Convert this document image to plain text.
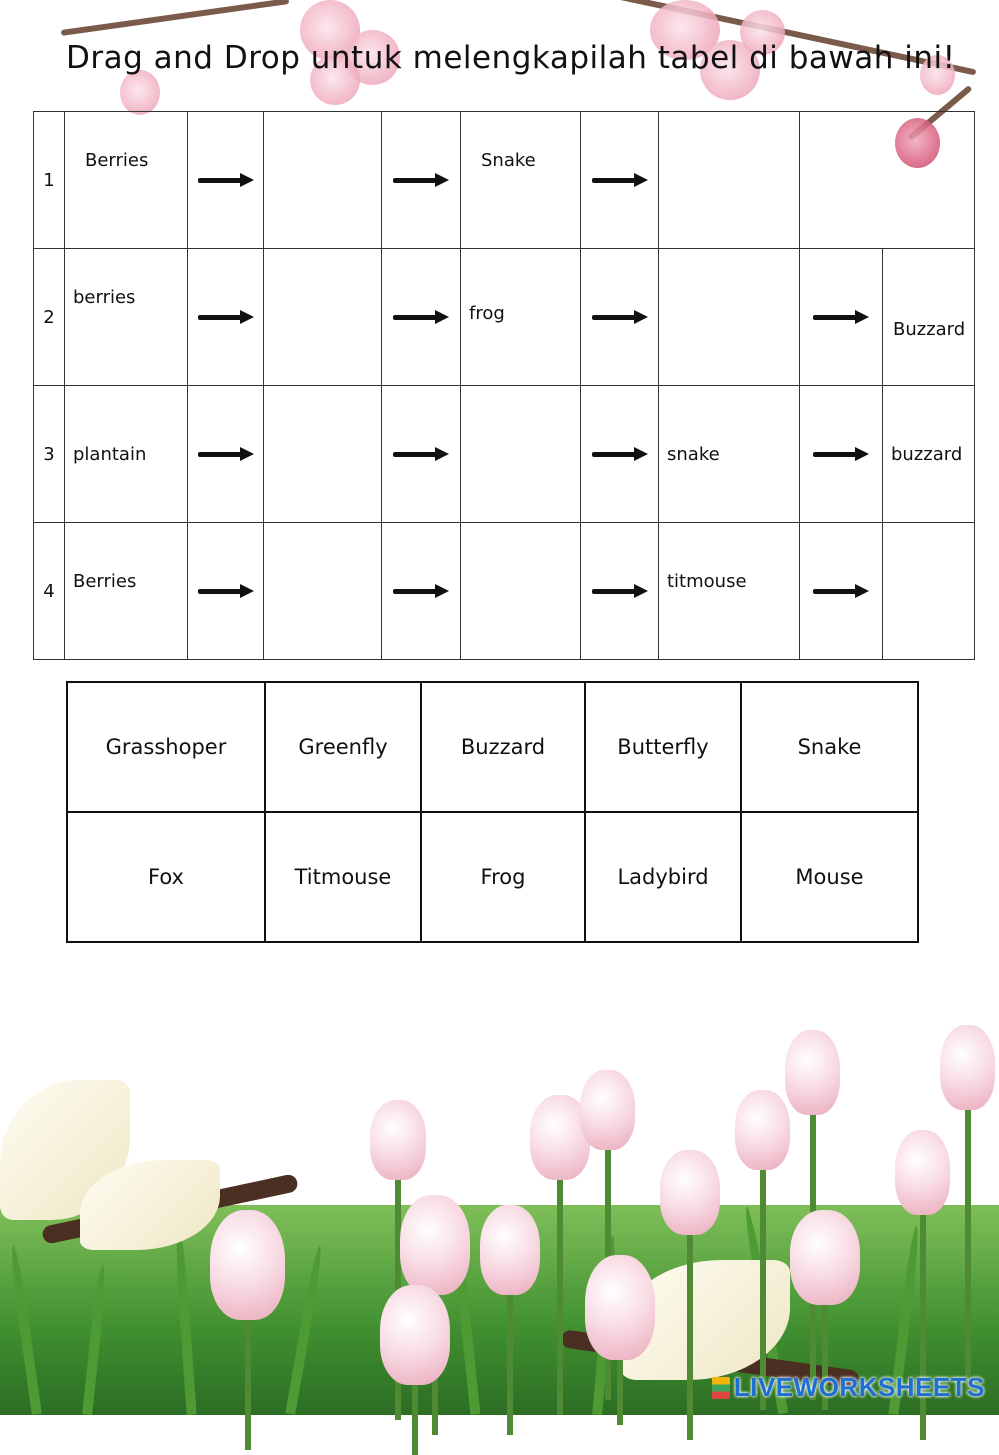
Drag and Drop untuk melengkapilah tabel di bawah ini!
1	Berries				Snake				

2	berries				frog				Buzzard

3	plantain						snake		buzzard

4	Berries						titmouse		

Grasshoper	Greenfly	Buzzard	Butterfly	Snake
Fox	Titmouse	Frog	Ladybird	Mouse
LIVEWORKSHEETS
